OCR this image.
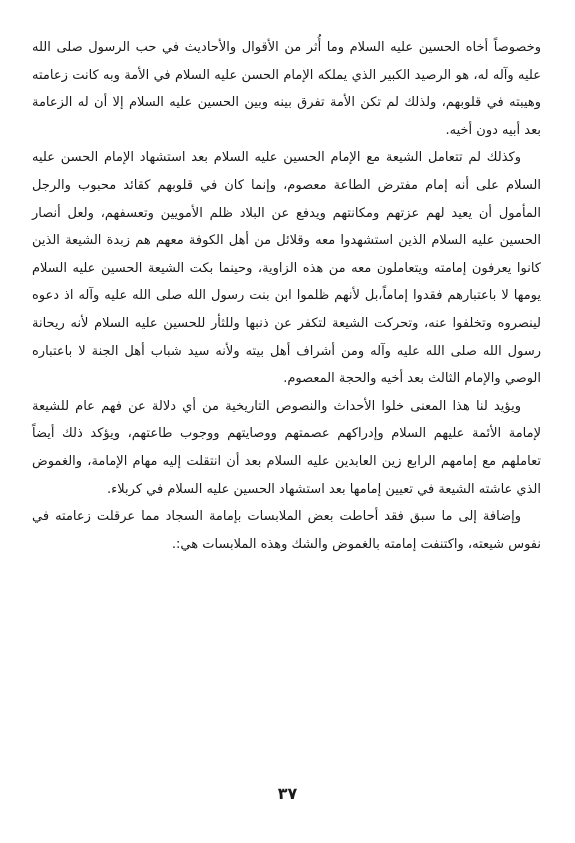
وخصوصاً أخاه الحسين عليه السلام وما أُثر من الأقوال والأحاديث في حب الرسول صلى الله عليه وآله له، هو الرصيد الكبير الذي يملكه الإمام الحسن عليه السلام في الأمة وبه كانت زعامته وهيبته في قلوبهم، ولذلك لم تكن الأمة تفرق بينه وبين الحسين عليه السلام إلا أن له الزعامة بعد أبيه دون أخيه.

وكذلك لم تتعامل الشيعة مع الإمام الحسين عليه السلام بعد استشهاد الإمام الحسن عليه السلام على أنه إمام مفترض الطاعة معصوم، وإنما كان في قلوبهم كقائد محبوب والرجل المأمول أن يعيد لهم عزتهم ومكانتهم ويدفع عن البلاد ظلم الأمويين وتعسفهم، ولعل أنصار الحسين عليه السلام الذين استشهدوا معه وقلائل من أهل الكوفة معهم هم زبدة الشيعة الذين كانوا يعرفون إمامته ويتعاملون معه من هذه الزاوية، وحينما بكت الشيعة الحسين عليه السلام يومها لا باعتبارهم فقدوا إماماً،بل لأنهم ظلموا ابن بنت رسول الله صلى الله عليه وآله اذ دعوه لينصروه وتخلفوا عنه، وتحركت الشيعة لتكفر عن ذنبها وللثأر للحسين عليه السلام لأنه ريحانة رسول الله صلى الله عليه وآله ومن أشراف أهل بيته ولأنه سيد شباب أهل الجنة لا باعتباره الوصي والإمام الثالث بعد أخيه والحجة المعصوم.

ويؤيد لنا هذا المعنى خلوا الأحداث والنصوص التاريخية من أي دلالة عن فهم عام للشيعة لإمامة الأئمة عليهم السلام وإدراكهم عصمتهم ووصايتهم ووجوب طاعتهم، ويؤكد ذلك أيضاً تعاملهم مع إمامهم الرابع زين العابدين عليه السلام بعد أن انتقلت إليه مهام الإمامة، والغموض الذي عاشته الشيعة في تعيين إمامها بعد استشهاد الحسين عليه السلام في كربلاء.

وإضافة إلى ما سبق فقد أحاطت بعض الملابسات بإمامة السجاد مما عرقلت زعامته في نفوس شيعته، واكتنفت إمامته بالغموض والشك وهذه الملابسات هي:.

٣٧
